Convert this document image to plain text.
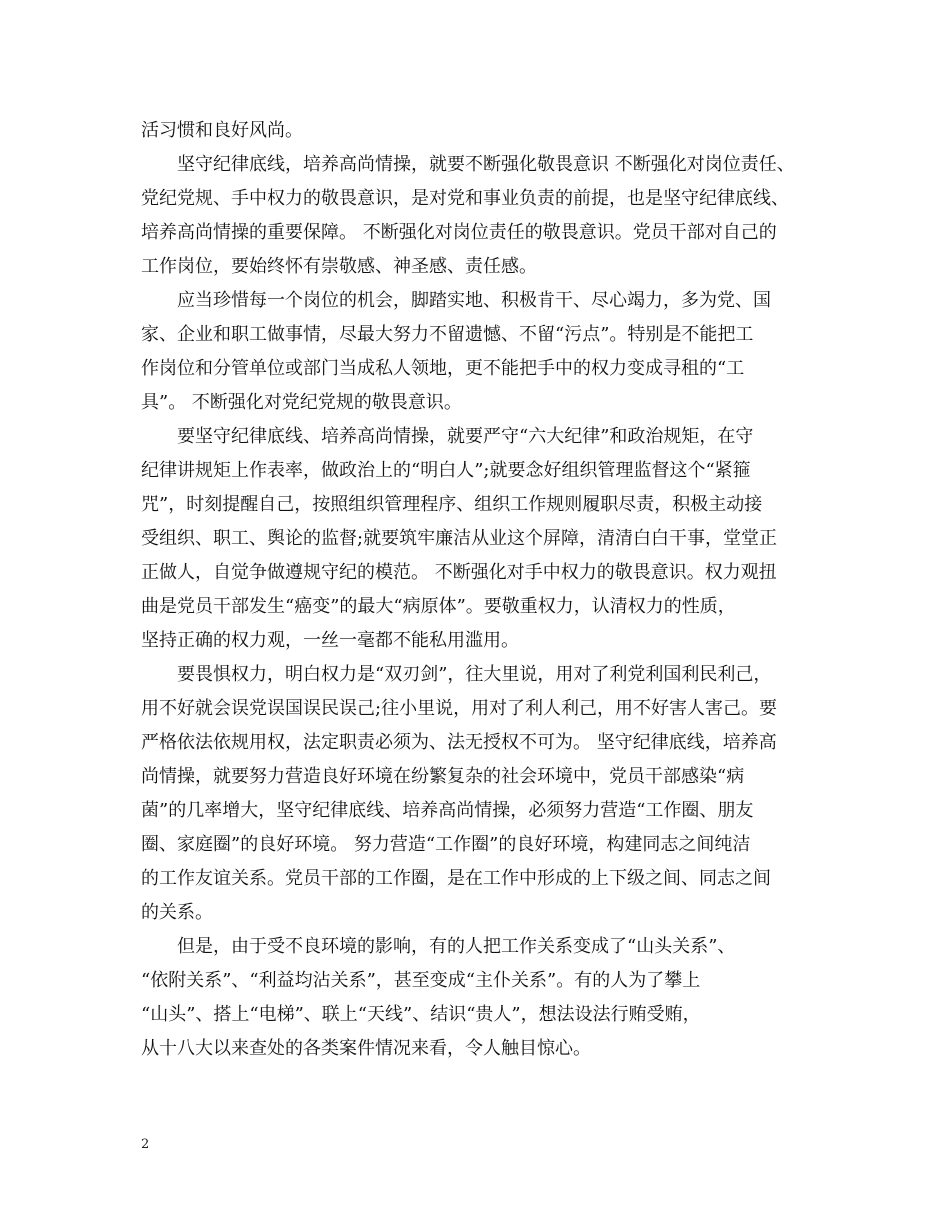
活习惯和良好风尚。
　　坚守纪律底线，培养高尚情操，就要不断强化敬畏意识 不断强化对岗位责任、
党纪党规、手中权力的敬畏意识，是对党和事业负责的前提，也是坚守纪律底线、
培养高尚情操的重要保障。 不断强化对岗位责任的敬畏意识。党员干部对自己的
工作岗位，要始终怀有崇敬感、神圣感、责任感。
　　应当珍惜每一个岗位的机会，脚踏实地、积极肯干、尽心竭力，多为党、国
家、企业和职工做事情，尽最大努力不留遗憾、不留“污点”。特别是不能把工
作岗位和分管单位或部门当成私人领地，更不能把手中的权力变成寻租的“工
具”。 不断强化对党纪党规的敬畏意识。
　　要坚守纪律底线、培养高尚情操，就要严守“六大纪律”和政治规矩，在守
纪律讲规矩上作表率，做政治上的“明白人”;就要念好组织管理监督这个“紧箍
咒”，时刻提醒自己，按照组织管理程序、组织工作规则履职尽责，积极主动接
受组织、职工、舆论的监督;就要筑牢廉洁从业这个屏障，清清白白干事，堂堂正
正做人，自觉争做遵规守纪的模范。 不断强化对手中权力的敬畏意识。权力观扭
曲是党员干部发生“癌变”的最大“病原体”。要敬重权力，认清权力的性质，
坚持正确的权力观，一丝一毫都不能私用滥用。
　　要畏惧权力，明白权力是“双刃剑”，往大里说，用对了利党利国利民利己，
用不好就会误党误国误民误己;往小里说，用对了利人利己，用不好害人害己。要
严格依法依规用权，法定职责必须为、法无授权不可为。 坚守纪律底线，培养高
尚情操，就要努力营造良好环境在纷繁复杂的社会环境中，党员干部感染“病
菌”的几率增大，坚守纪律底线、培养高尚情操，必须努力营造“工作圈、朋友
圈、家庭圈”的良好环境。 努力营造“工作圈”的良好环境，构建同志之间纯洁
的工作友谊关系。党员干部的工作圈，是在工作中形成的上下级之间、同志之间
的关系。
　　但是，由于受不良环境的影响，有的人把工作关系变成了“山头关系”、
“依附关系”、“利益均沾关系”，甚至变成“主仆关系”。有的人为了攀上
“山头”、搭上“电梯”、联上“天线”、结识“贵人”，想法设法行贿受贿，
从十八大以来查处的各类案件情况来看，令人触目惊心。
2
